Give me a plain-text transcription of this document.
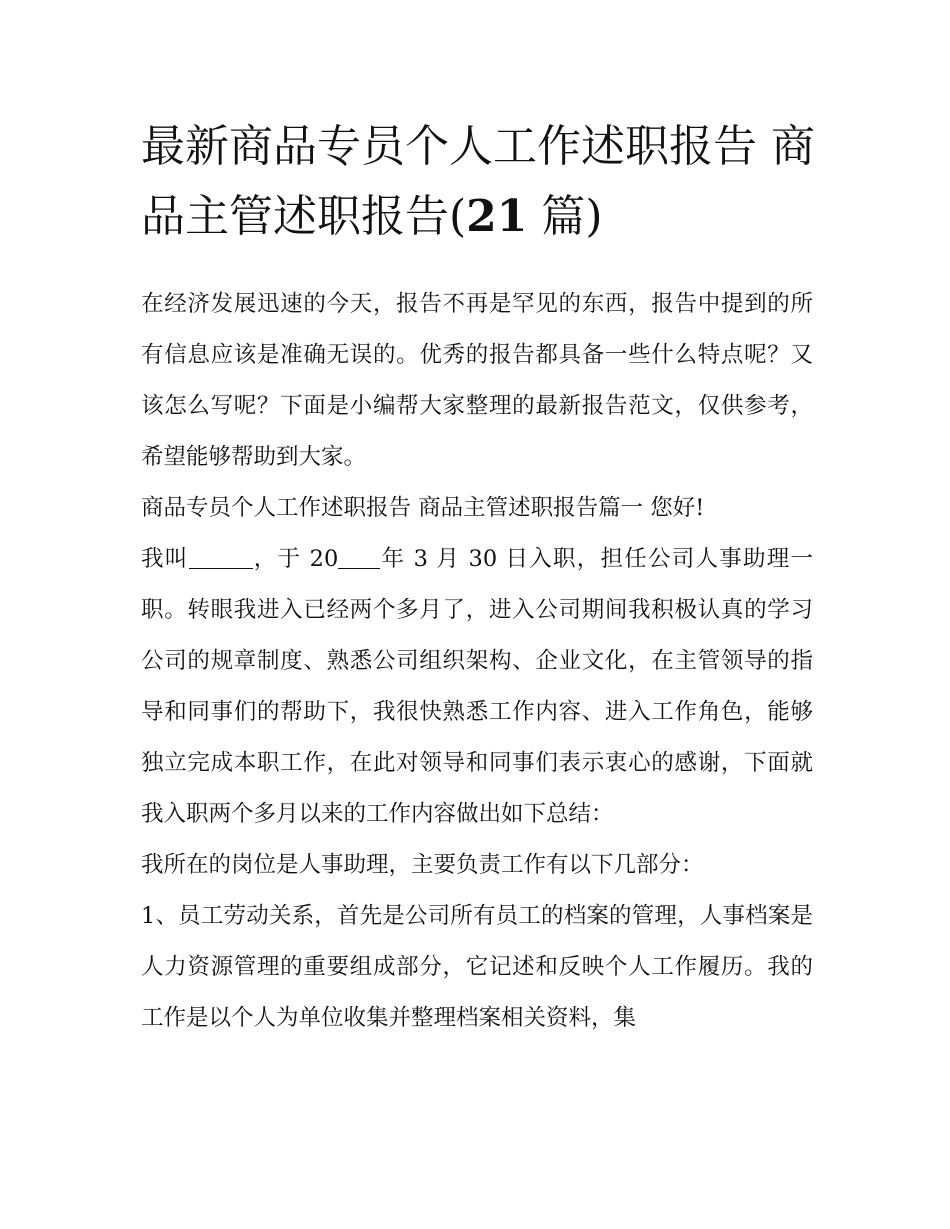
最新商品专员个人工作述职报告 商品主管述职报告(21 篇)

在经济发展迅速的今天，报告不再是罕见的东西，报告中提到的所有信息应该是准确无误的。优秀的报告都具备一些什么特点呢？又该怎么写呢？下面是小编帮大家整理的最新报告范文，仅供参考，希望能够帮助到大家。

商品专员个人工作述职报告 商品主管述职报告篇一 您好!

我叫	，于 20 年 3 月 30 日入职，担任公司人事助理一职。转眼我进入已经两个多月了，进入公司期间我积极认真的学习公司的规章制度、熟悉公司组织架构、企业文化，在主管领导的指导和同事们的帮助下，我很快熟悉工作内容、进入工作角色，能够独立完成本职工作，在此对领导和同事们表示衷心的感谢，下面就我入职两个多月以来的工作内容做出如下总结：

我所在的岗位是人事助理，主要负责工作有以下几部分：

1、员工劳动关系，首先是公司所有员工的档案的管理，人事档案是人力资源管理的重要组成部分，它记述和反映个人工作履历。我的工作是以个人为单位收集并整理档案相关资料，集
